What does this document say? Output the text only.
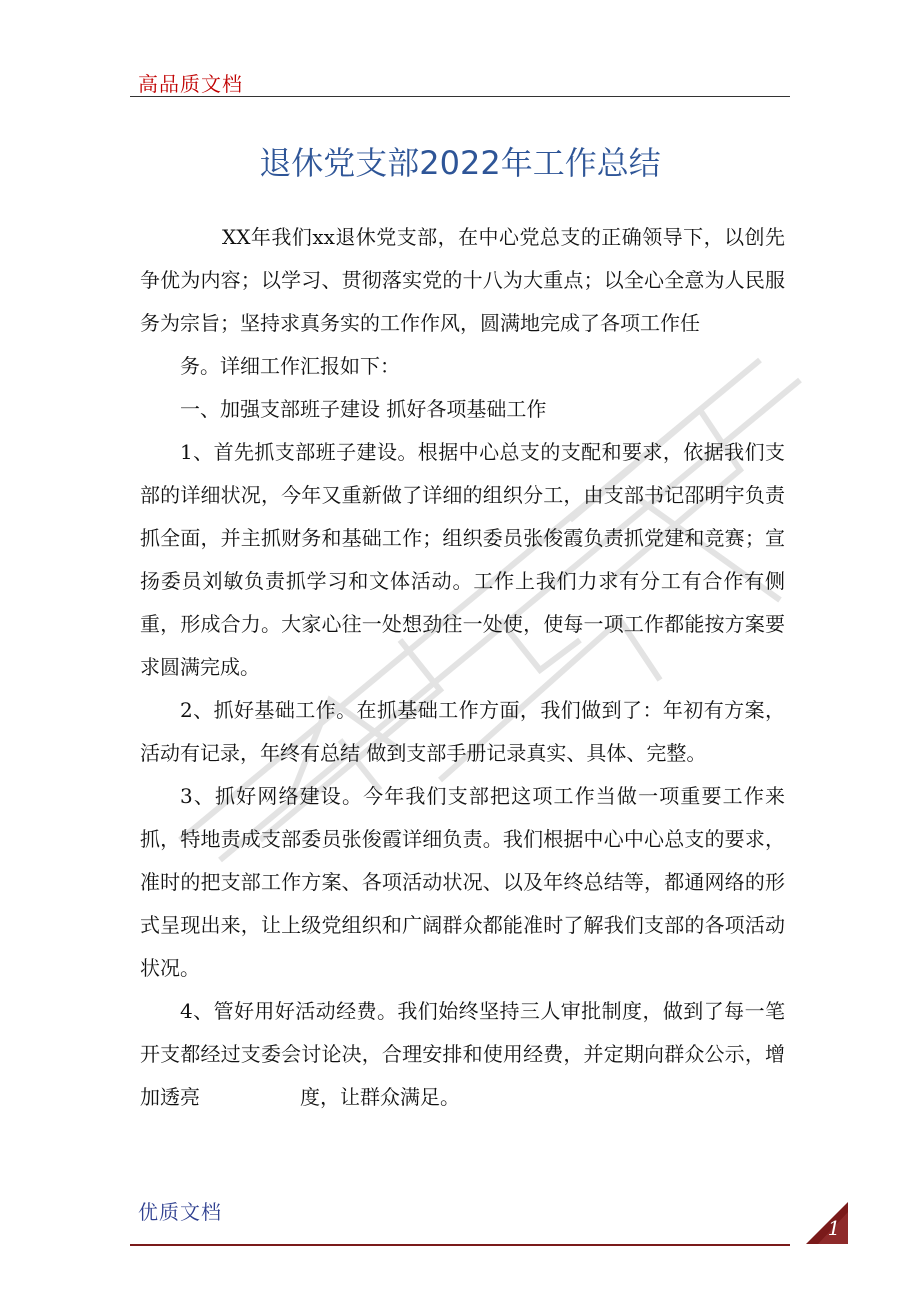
高品质文档
退休党支部2022年工作总结

XX年我们xx退休党支部，在中心党总支的正确领导下，以创先争优为内容；以学习、贯彻落实党的十八为大重点；以全心全意为人民服务为宗旨；坚持求真务实的工作作风，圆满地完成了各项工作任

务。详细工作汇报如下：

一、加强支部班子建设 抓好各项基础工作

1、首先抓支部班子建设。根据中心总支的支配和要求，依据我们支部的详细状况，今年又重新做了详细的组织分工，由支部书记邵明宇负责抓全面，并主抓财务和基础工作；组织委员张俊霞负责抓党建和竞赛；宣扬委员刘敏负责抓学习和文体活动。工作上我们力求有分工有合作有侧重，形成合力。大家心往一处想劲往一处使，使每一项工作都能按方案要求圆满完成。

2、抓好基础工作。在抓基础工作方面，我们做到了：年初有方案，活动有记录，年终有总结 做到支部手册记录真实、具体、完整。

3、抓好网络建设。今年我们支部把这项工作当做一项重要工作来抓，特地责成支部委员张俊霞详细负责。我们根据中心中心总支的要求，准时的把支部工作方案、各项活动状况、以及年终总结等，都通网络的形式呈现出来，让上级党组织和广阔群众都能准时了解我们支部的各项活动状况。

4、管好用好活动经费。我们始终坚持三人审批制度，做到了每一笔开支都经过支委会讨论决，合理安排和使用经费，并定期向群众公示，增加透亮	度，让群众满足。

优质文档
1
